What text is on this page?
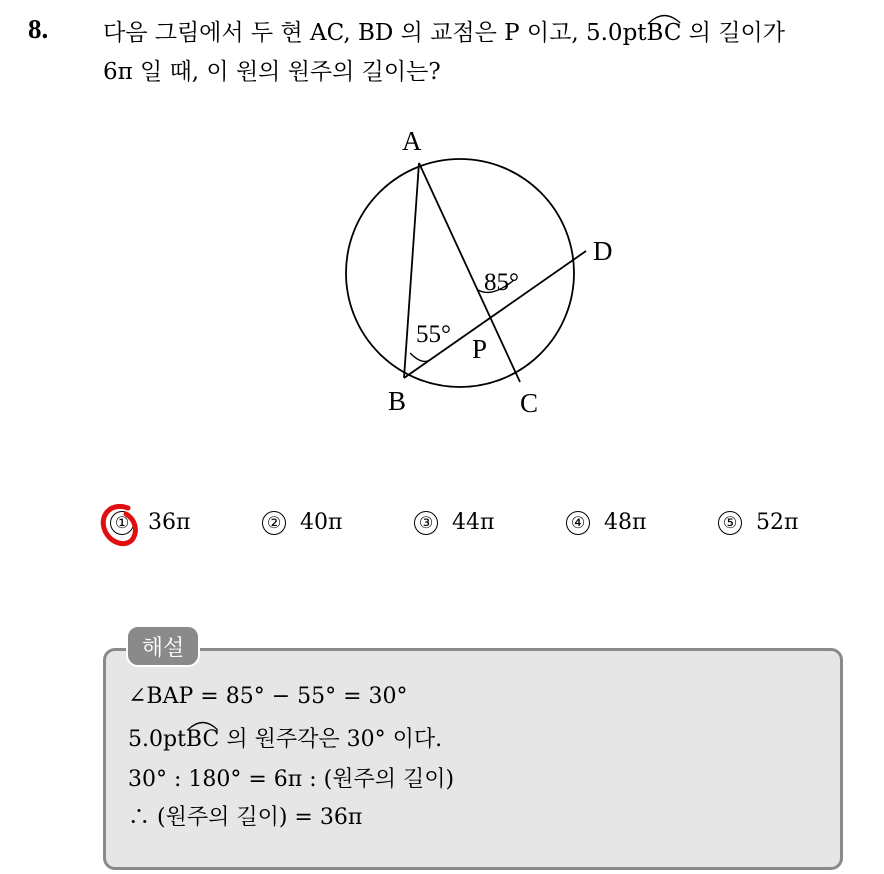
8. 다음 그림에서 두 현 AC, BD 의 교점은 P 이고, 5.0pt
BC 의 길이가
6π 일 때, 이 원의 원주의 길이는?
A
B	C
D
P
85°
55°
① 36π	② 40π	③ 44π	④ 48π	⑤ 52π
해설
∠BAP = 85° − 55° = 30°
5.0pt
BC 의 원주각은 30° 이다.
30° : 180° = 6π : (원주의 길이)
∴ (원주의 길이) = 36π
